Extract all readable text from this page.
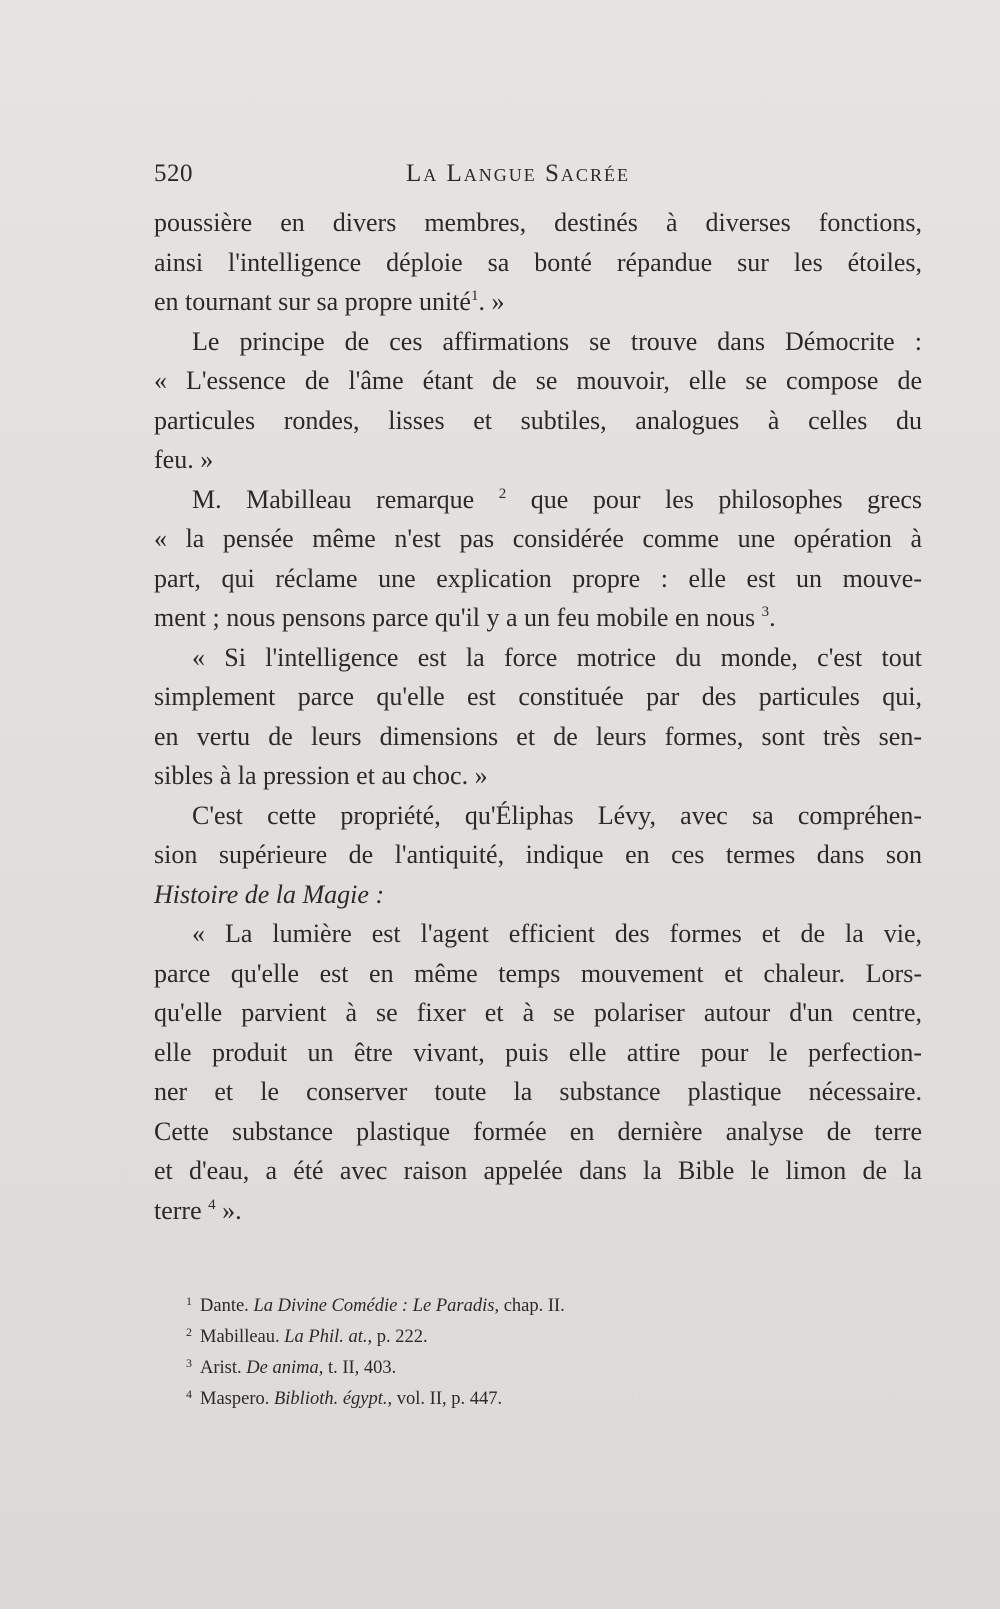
520	La Langue Sacrée
poussière en divers membres, destinés à diverses fonctions,
ainsi l'intelligence déploie sa bonté répandue sur les étoiles,
en tournant sur sa propre unité$^1$. »
Le principe de ces affirmations se trouve dans Démocrite :
« L'essence de l'âme étant de se mouvoir, elle se compose de
particules rondes, lisses et subtiles, analogues à celles du
feu. »
M. Mabilleau remarque $^2$ que pour les philosophes grecs
« la pensée même n'est pas considérée comme une opération à
part, qui réclame une explication propre : elle est un mouve-
ment ; nous pensons parce qu'il y a un feu mobile en nous $^3$.
« Si l'intelligence est la force motrice du monde, c'est tout
simplement parce qu'elle est constituée par des particules qui,
en vertu de leurs dimensions et de leurs formes, sont très sen-
sibles à la pression et au choc. »
C'est cette propriété, qu'Éliphas Lévy, avec sa compréhen-
sion supérieure de l'antiquité, indique en ces termes dans son
Histoire de la Magie :
« La lumière est l'agent efficient des formes et de la vie,
parce qu'elle est en même temps mouvement et chaleur. Lors-
qu'elle parvient à se fixer et à se polariser autour d'un centre,
elle produit un être vivant, puis elle attire pour le perfection-
ner et le conserver toute la substance plastique nécessaire.
Cette substance plastique formée en dernière analyse de terre
et d'eau, a été avec raison appelée dans la Bible le limon de la
terre $^4$ ».
1 Dante. La Divine Comédie : Le Paradis, chap. II.
2 Mabilleau. La Phil. at., p. 222.
3 Arist. De anima, t. II, 403.
4 Maspero. Biblioth. égypt., vol. II, p. 447.
